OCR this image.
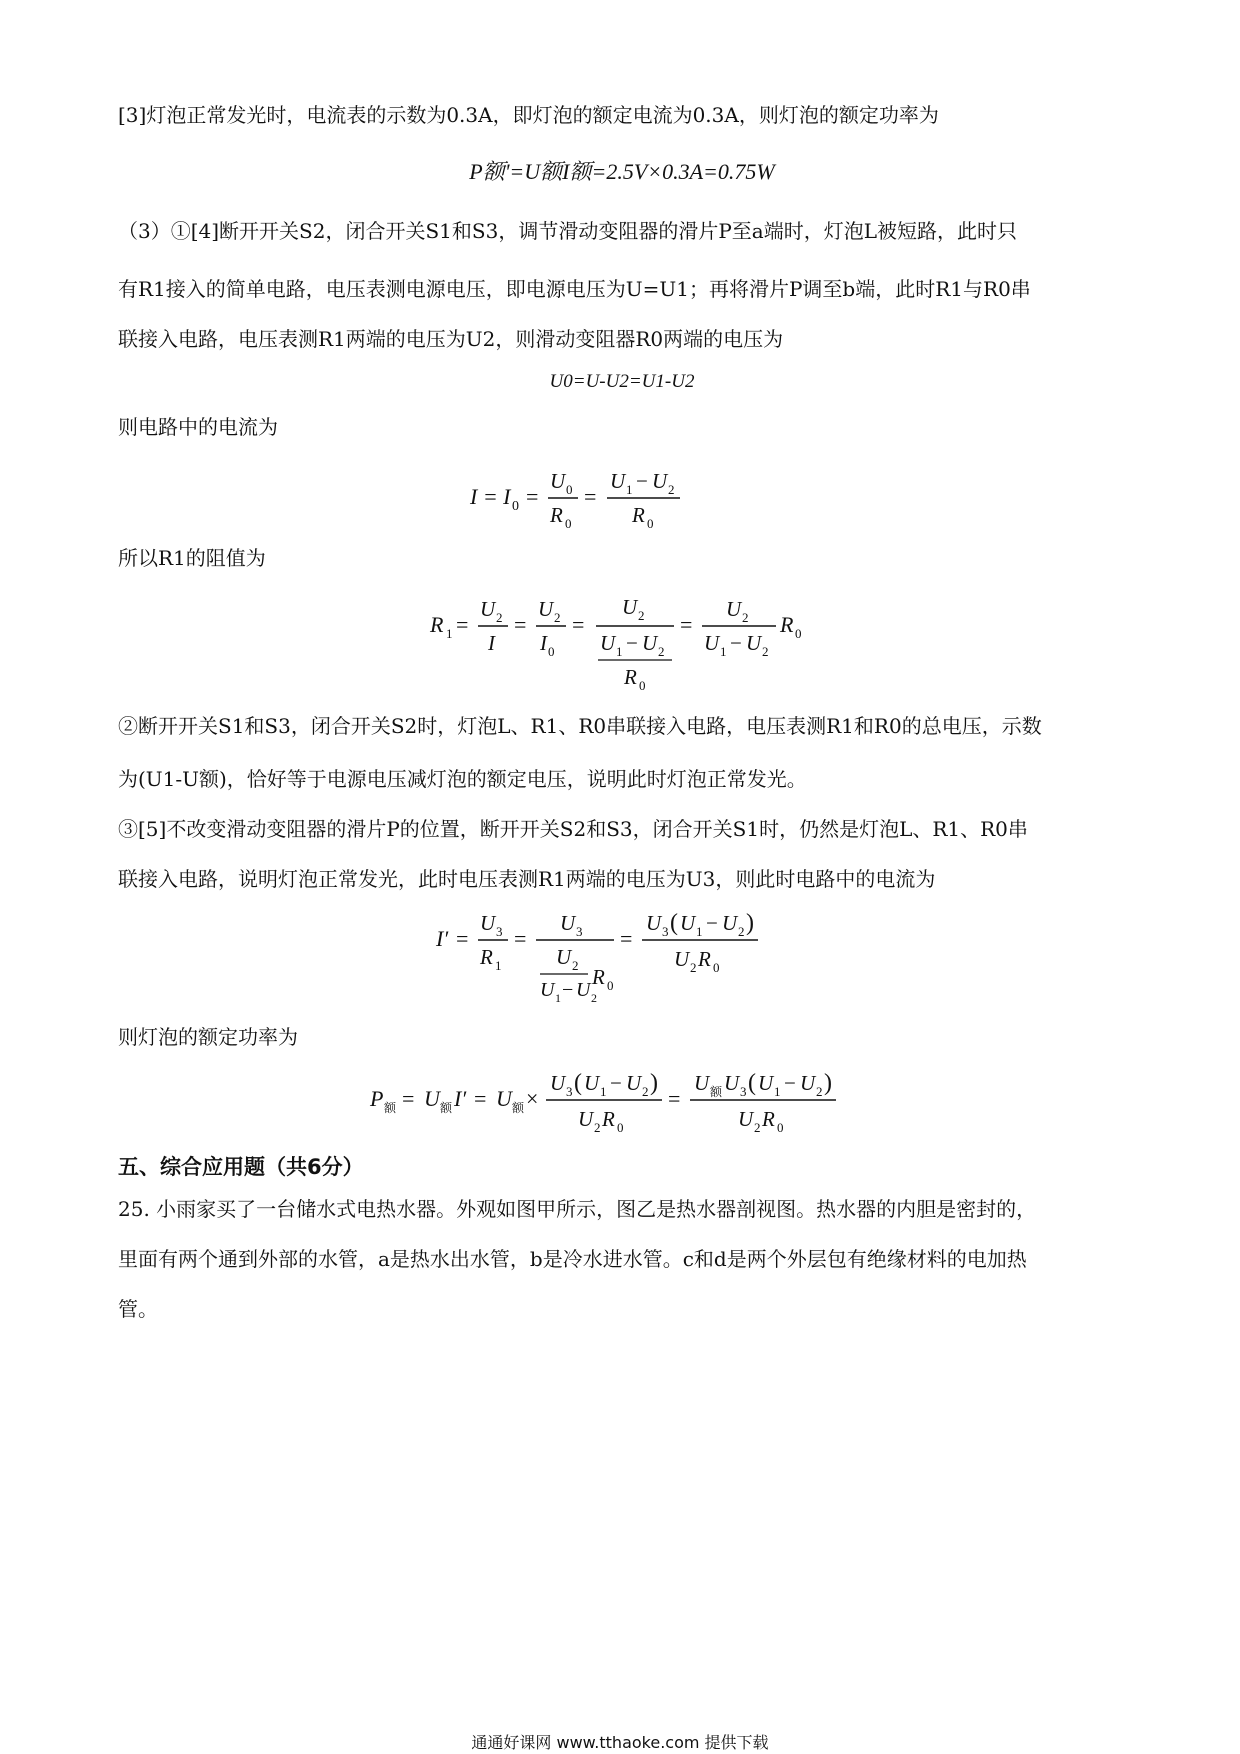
[3]灯泡正常发光时，电流表的示数为0.3A，即灯泡的额定电流为0.3A，则灯泡的额定功率为
P额'=U额I额=2.5V×0.3A=0.75W
（3）①[4]断开开关S2，闭合开关S1和S3，调节滑动变阻器的滑片P至a端时，灯泡L被短路，此时只
有R1接入的简单电路，电压表测电源电压，即电源电压为U=U1；再将滑片P调至b端，此时R1与R0串
联接入电路，电压表测R1两端的电压为U2，则滑动变阻器R0两端的电压为
U0=U-U2=U1-U2
则电路中的电流为
I = I 0 =
U 0
R 0
=
U 1 − U 2
R 0
所以R1的阻值为
R 1 =
U 2
I
=
U 2
I 0
=
U 2
U 1 − U 2
R 0
=
U 2
U 1 − U 2
R 0
②断开开关S1和S3，闭合开关S2时，灯泡L、R1、R0串联接入电路，电压表测R1和R0的总电压，示数
为(U1-U额)，恰好等于电源电压减灯泡的额定电压，说明此时灯泡正常发光。
③[5]不改变滑动变阻器的滑片P的位置，断开开关S2和S3，闭合开关S1时，仍然是灯泡L、R1、R0串
联接入电路，说明灯泡正常发光，此时电压表测R1两端的电压为U3，则此时电路中的电流为
I′ =
U 3
R 1
=
U 3
U 2
U 1 − U 2
R 0
=
U 3 ( U 1 − U 2 )
U 2 R 0
则灯泡的额定功率为
P 额 = U 额 I′ = U 额 ×
U 3 ( U 1 − U 2 )
U 2 R 0
=
U 额 U 3 ( U 1 − U 2 )
U 2 R 0
五、综合应用题（共6分）
25. 小雨家买了一台储水式电热水器。外观如图甲所示，图乙是热水器剖视图。热水器的内胆是密封的，
里面有两个通到外部的水管，a是热水出水管，b是冷水进水管。c和d是两个外层包有绝缘材料的电加热
管。
通通好课网 www.tthaoke.com 提供下载
